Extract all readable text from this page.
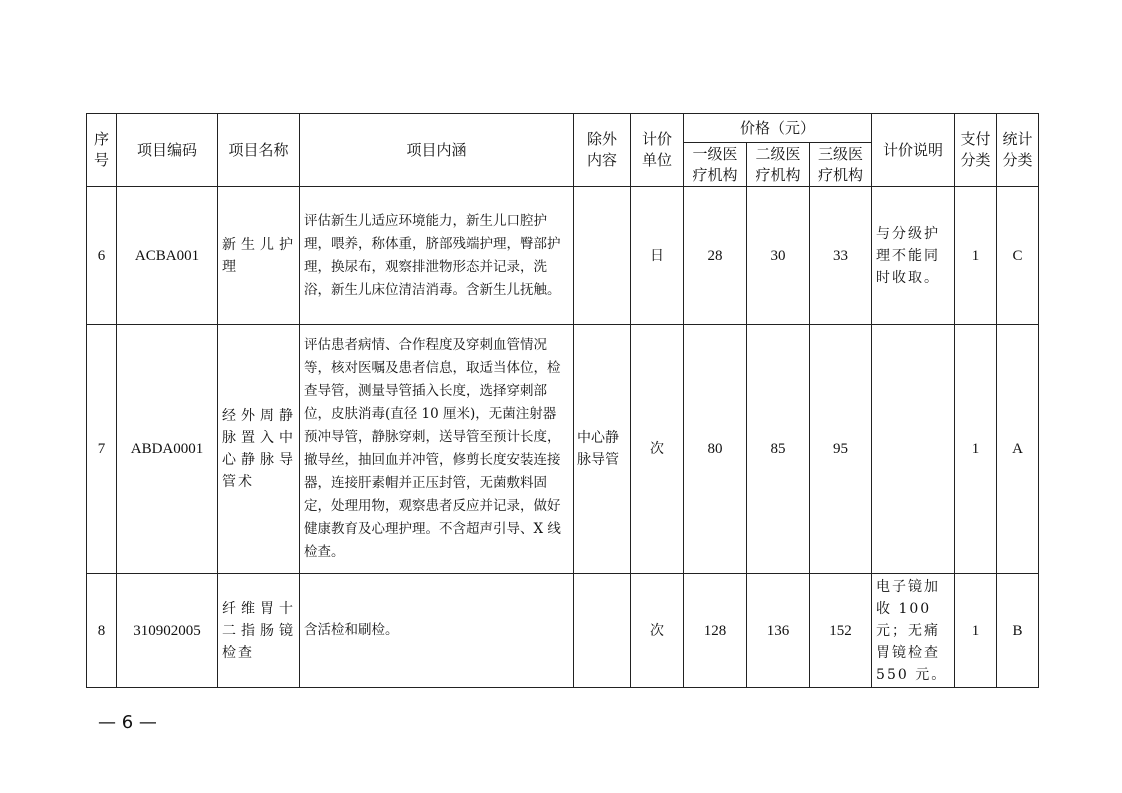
序号	项目编码	项目名称	项目内涵	除外内容	计价单位	价格（元）			计价说明	支付分类	统计分类
						一级医疗机构	二级医疗机构	三级医疗机构			
6	ACBA001	新生儿护理	评估新生儿适应环境能力，新生儿口腔护理，喂养，称体重，脐部残端护理，臀部护理，换尿布，观察排泄物形态并记录，洗浴，新生儿床位清洁消毒。含新生儿抚触。		日	28	30	33	与分级护理不能同时收取。	1	C
7	ABDA0001	经外周静脉置入中心静脉导管术	评估患者病情、合作程度及穿刺血管情况等，核对医嘱及患者信息，取适当体位，检查导管，测量导管插入长度，选择穿刺部位，皮肤消毒(直径 10 厘米)，无菌注射器预冲导管，静脉穿刺，送导管至预计长度，撤导丝，抽回血并冲管，修剪长度安装连接器，连接肝素帽并正压封管，无菌敷料固定，处理用物，观察患者反应并记录，做好健康教育及心理护理。不含超声引导、X 线检查。	中心静脉导管	次	80	85	95		1	A
8	310902005	纤维胃十二指肠镜检查	含活检和刷检。		次	128	136	152	电子镜加收 100 元；无痛胃镜检查 550 元。	1	B
— 6 —
